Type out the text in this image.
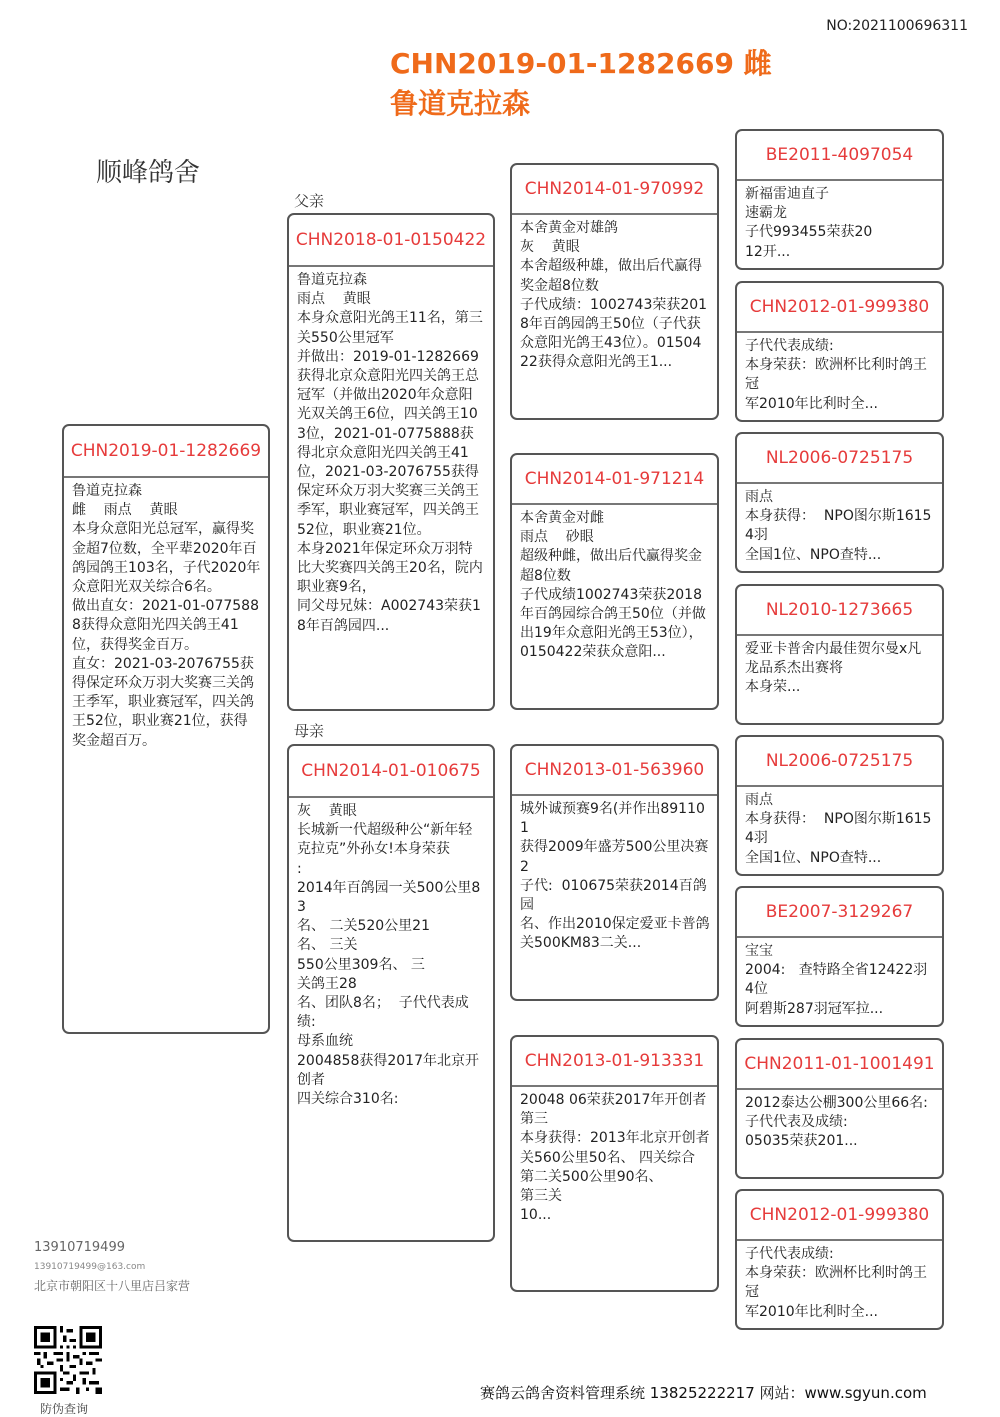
NO:2021100696311
CHN2019-01-1282669 雌
鲁道克拉森
顺峰鸽舍
父亲
母亲
CHN2019-01-1282669
鲁道克拉森
雌    雨点    黄眼
本身众意阳光总冠军，赢得奖金超7位数，全平辈2020年百鸽园鸽王103名，子代2020年众意阳光双关综合6名。
做出直女：2021-01-0775888获得众意阳光四关鸽王41位，获得奖金百万。
直女：2021-03-2076755获得保定环众万羽大奖赛三关鸽王季军，职业赛冠军，四关鸽王52位，职业赛21位，获得奖金超百万。
CHN2018-01-0150422
鲁道克拉森
雨点    黄眼
本身众意阳光鸽王11名，第三关550公里冠军
并做出：2019-01-1282669获得北京众意阳光四关鸽王总冠军（并做出2020年众意阳光双关鸽王6位，四关鸽王103位，2021-01-0775888获得北京众意阳光四关鸽王41位，2021-03-2076755获得保定环众万羽大奖赛三关鸽王季军，职业赛冠军，四关鸽王52位，职业赛21位。
本身2021年保定环众万羽特比大奖赛四关鸽王20名，院内职业赛9名，
同父母兄妹：A002743荣获18年百鸽园四...
CHN2014-01-010675
灰    黄眼
长城新一代超级种公“新年轻
克拉克”外孙女!本身荣获
:
2014年百鸽园一关500公里83
名、 二关520公里21
名、 三关
550公里309名、 三
关鸽王28
名、团队8名；  子代代表成绩:
母系血统
2004858获得2017年北京开创者
四关综合310名:
CHN2014-01-970992
本舍黄金对雄鸽
灰    黄眼
本舍超级种雄，做出后代赢得奖金超8位数
子代成绩：1002743荣获2018年百鸽园鸽王50位（子代获众意阳光鸽王43位）。0150422获得众意阳光鸽王1...
CHN2014-01-971214
本舍黄金对雌
雨点    砂眼
超级种雌，做出后代赢得奖金超8位数
子代成绩1002743荣获2018年百鸽园综合鸽王50位（并做出19年众意阳光鸽王53位），0150422荣获众意阳...
CHN2013-01-563960
城外诚预赛9名(并作出891101
获得2009年盛芳500公里决赛2
子代:  010675荣获2014百鸽园
名、作出2010保定爱亚卡普鸽
关500KM83二关...
CHN2013-01-913331
20048 06荣获2017年开创者第三
本身获得：2013年北京开创者
关560公里50名、 四关综合
第二关500公里90名、
第三关
10...
BE2011-4097054
新福雷迪直子
速霸龙
子代993455荣获20
12开...
CHN2012-01-999380
子代代表成绩:
本身荣获：欧洲杯比利时鸽王冠
军2010年比利时全...
NL2006-0725175
雨点
本身获得：  NPO图尔斯16154羽
全国1位、NPO查特...
NL2010-1273665
爱亚卡普舍内最佳贺尔曼x凡
龙品系杰出赛将
本身荣...
NL2006-0725175
雨点
本身获得：  NPO图尔斯16154羽
全国1位、NPO查特...
BE2007-3129267
宝宝
2004:   查特路全省12422羽4位
阿碧斯287羽冠军拉...
CHN2011-01-1001491
2012泰达公棚300公里66名:
子代代表及成绩:
05035荣获201...
CHN2012-01-999380
子代代表成绩:
本身荣获：欧洲杯比利时鸽王冠
军2010年比利时全...
13910719499
13910719499@163.com
北京市朝阳区十八里店吕家营
防伪查询
赛鸽云鸽舍资料管理系统 13825222217 网站：www.sgyun.com
